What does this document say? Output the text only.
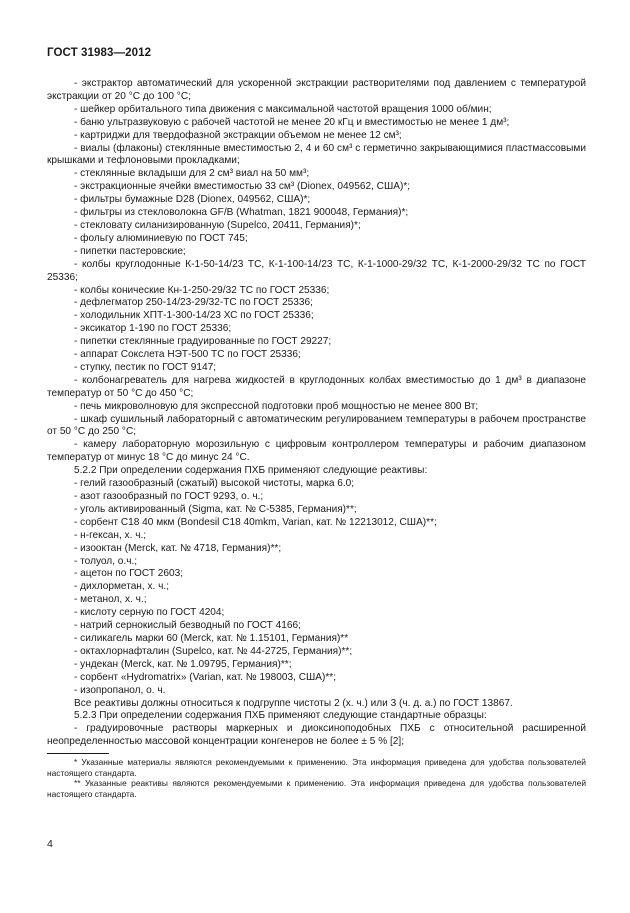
ГОСТ 31983—2012

- экстрактор автоматический для ускоренной экстракции растворителями под давлением с температурой экстракции от 20 °С до 100 °С;

- шейкер орбитального типа движения с максимальной частотой вращения 1000 об/мин;

- баню ультразвуковую с рабочей частотой не менее 20 кГц и вместимостью не менее 1 дм³;

- картриджи для твердофазной экстракции объемом не менее 12 см³;

- виалы (флаконы) стеклянные вместимостью 2, 4 и 60 см³ с герметично закрывающимися пластмассовыми крышками и тефлоновыми прокладками;

- стеклянные вкладыши для 2 см³ виал на 50 мм³;

- экстракционные ячейки вместимостью 33 см³ (Dionex, 049562, США)*;

- фильтры бумажные D28 (Dionex, 049562, США)*;

- фильтры из стекловолокна GF/B (Whatman, 1821 900048, Германия)*;

- стекловату силанизированную (Supelco, 20411, Германия)*;

- фольгу алюминиевую по ГОСТ 745;

- пипетки пастеровские;

- колбы круглодонные К-1-50-14/23 ТС, К-1-100-14/23 ТС, К-1-1000-29/32 ТС, К-1-2000-29/32 ТС по ГОСТ 25336;

- колбы конические Кн-1-250-29/32 ТС по ГОСТ 25336;

- дефлегматор 250-14/23-29/32-ТС по ГОСТ 25336;

- холодильник ХПТ-1-300-14/23 ХС по ГОСТ 25336;

- эксикатор 1-190 по ГОСТ 25336;

- пипетки стеклянные градуированные по ГОСТ 29227;

- аппарат Сокслета НЭТ-500 ТС по ГОСТ 25336;

- ступку, пестик по ГОСТ 9147;

- колбонагреватель для нагрева жидкостей в круглодонных колбах вместимостью до 1 дм³ в диапазоне температур от 50 °С до 450 °С;

- печь микроволновую для экспрессной подготовки проб мощностью не менее 800 Вт;

- шкаф сушильный лабораторный с автоматическим регулированием температуры в рабочем пространстве от 50 °С до 250 °С;

- камеру лабораторную морозильную с цифровым контроллером температуры и рабочим диапазоном температур от минус 18 °С до минус 24 °С.

5.2.2 При определении содержания ПХБ применяют следующие реактивы:

- гелий газообразный (сжатый) высокой чистоты, марка 6.0;

- азот газообразный по ГОСТ 9293, о. ч.;

- уголь активированный (Sigma, кат. № С-5385, Германия)**;

- сорбент С18 40 мкм (Bondesil С18 40mkm, Varian, кат. № 12213012, США)**;

- н-гексан, х. ч.;

- изооктан (Merck, кат. № 4718, Германия)**;

- толуол, о.ч.;

- ацетон по ГОСТ 2603;

- дихлорметан, х. ч.;

- метанол, х. ч.;

- кислоту серную по ГОСТ 4204;

- натрий сернокислый безводный по ГОСТ 4166;

- силикагель марки 60 (Merck, кат. № 1.15101, Германия)**

- октахлорнафталин (Supelco, кат. № 44-2725, Германия)**;

- ундекан (Merck, кат. № 1.09795, Германия)**;

- сорбент «Hydromatrix» (Varian, кат. № 198003, США)**;

- изопропанол, о. ч.

Все реактивы должны относиться к подгруппе чистоты 2 (х. ч.) или 3 (ч. д. а.) по ГОСТ 13867.

5.2.3 При определении содержания ПХБ применяют следующие стандартные образцы:

- градуировочные растворы маркерных и диоксиноподобных ПХБ с относительной расширенной неопределенностью массовой концентрации конгенеров не более ± 5 % [2];

* Указанные материалы являются рекомендуемыми к применению. Эта информация приведена для удобства пользователей настоящего стандарта.

** Указанные реактивы являются рекомендуемыми к применению. Эта информация приведена для удобства пользователей настоящего стандарта.

4
